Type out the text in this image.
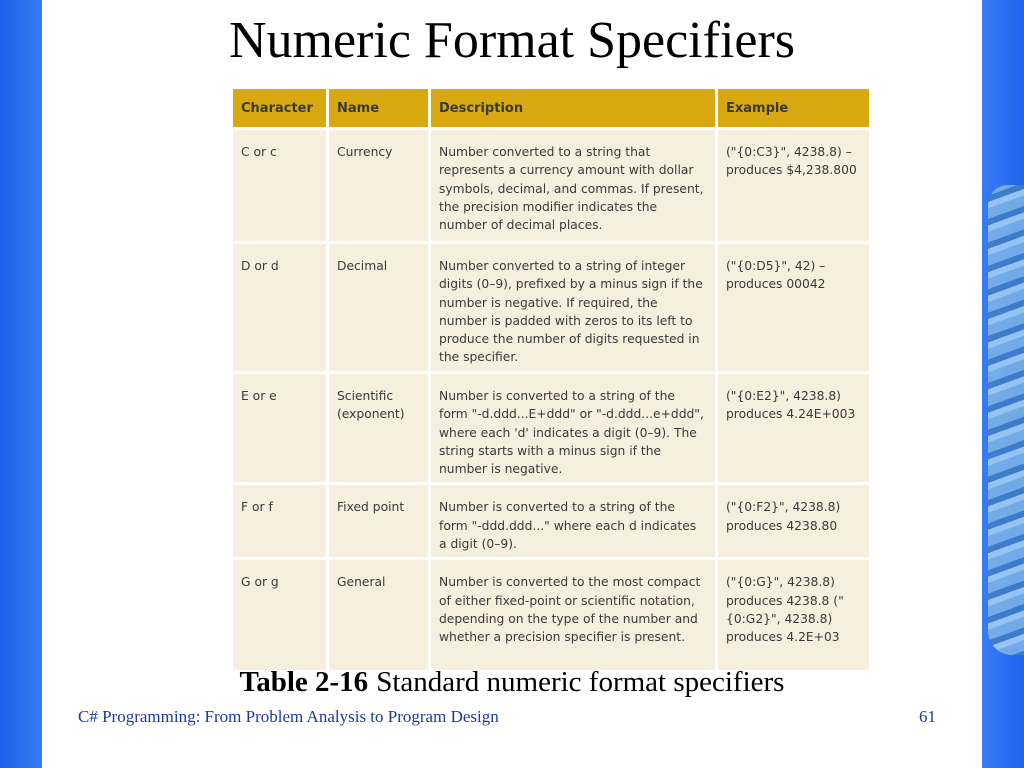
Numeric Format Specifiers
Character	Name	Description	Example
C or c	Currency	Number converted to a string that represents a currency amount with dollar symbols, decimal, and commas. If present, the precision modifier indicates the number of decimal places.	("{0:C3}", 4238.8) – produces $4,238.800
D or d	Decimal	Number converted to a string of integer digits (0–9), prefixed by a minus sign if the number is negative. If required, the number is padded with zeros to its left to produce the number of digits requested in the specifier.	("{0:D5}", 42) – produces 00042
E or e	Scientific (exponent)	Number is converted to a string of the form "-d.ddd...E+ddd" or "-d.ddd...e+ddd", where each 'd' indicates a digit (0–9). The string starts with a minus sign if the number is negative.	("{0:E2}", 4238.8) produces 4.24E+003
F or f	Fixed point	Number is converted to a string of the form "-ddd.ddd..." where each d indicates a digit (0–9).	("{0:F2}", 4238.8) produces 4238.80
G or g	General	Number is converted to the most compact of either fixed-point or scientific notation, depending on the type of the number and whether a precision specifier is present.	("{0:G}", 4238.8) produces 4238.8 ("{0:G2}", 4238.8) produces 4.2E+03
Table 2-16 Standard numeric format specifiers
C# Programming: From Problem Analysis to Program Design	61
